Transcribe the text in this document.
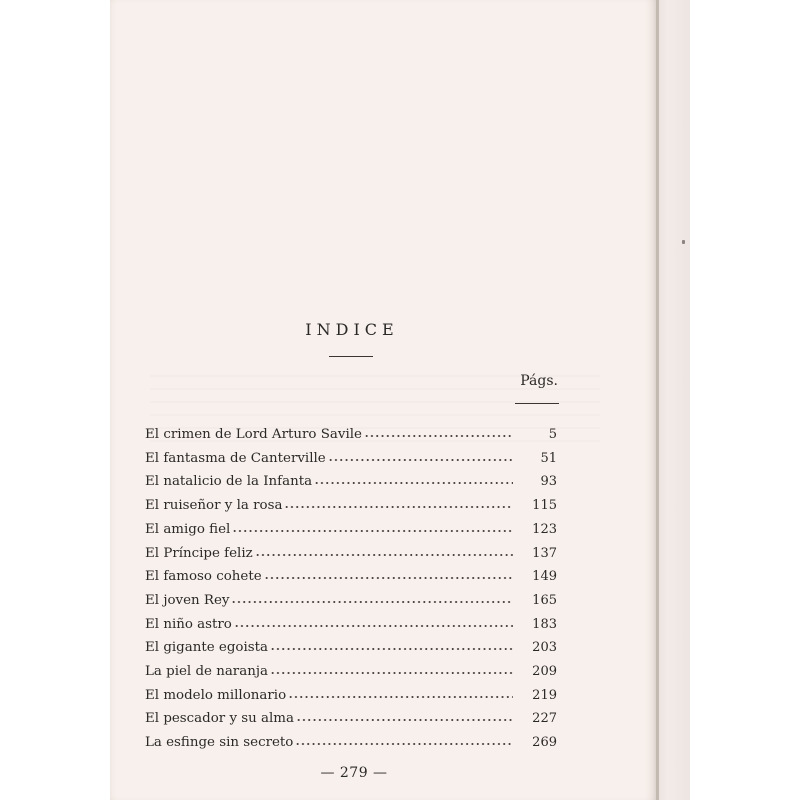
INDICE
Págs.
El crimen de Lord Arturo Savile	5
El fantasma de Canterville	51
El natalicio de la Infanta	93
El ruiseñor y la rosa	115
El amigo fiel	123
El Príncipe feliz	137
El famoso cohete	149
El joven Rey	165
El niño astro	183
El gigante egoista	203
La piel de naranja	209
El modelo millonario	219
El pescador y su alma	227
La esfinge sin secreto	269
— 279 —
